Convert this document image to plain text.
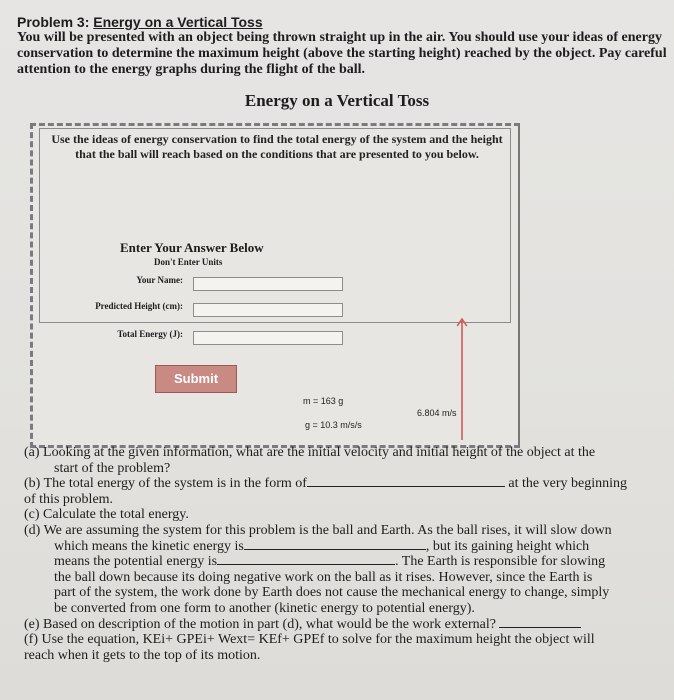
Problem 3: Energy on a Vertical Toss
You will be presented with an object being thrown straight up in the air. You should use your ideas of energy conservation to determine the maximum height (above the starting height) reached by the object. Pay careful attention to the energy graphs during the flight of the ball.
Energy on a Vertical Toss
Use the ideas of energy conservation to find the total energy of the system and the height that the ball will reach based on the conditions that are presented to you below.
Enter Your Answer Below
Don't Enter Units
Your Name:
Predicted Height (cm):
Total Energy (J):
Submit
m = 163 g
g = 10.3 m/s/s
6.804 m/s

(a) Looking at the given information, what are the initial velocity and initial height of the object at the

start of the problem?

(b) The total energy of the system is in the form of	at the very beginning

of this problem.

(c) Calculate the total energy.

(d) We are assuming the system for this problem is the ball and Earth. As the ball rises, it will slow down

which means the kinetic energy is	, but its gaining height which

means the potential energy is	. The Earth is responsible for slowing

the ball down because its doing negative work on the ball as it rises. However, since the Earth is

part of the system, the work done by Earth does not cause the mechanical energy to change, simply

be converted from one form to another (kinetic energy to potential energy).

(e) Based on description of the motion in part (d), what would be the work external?

(f) Use the equation, KEi+ GPEi+ Wext= KEf+ GPEf to solve for the maximum height the object will

reach when it gets to the top of its motion.
